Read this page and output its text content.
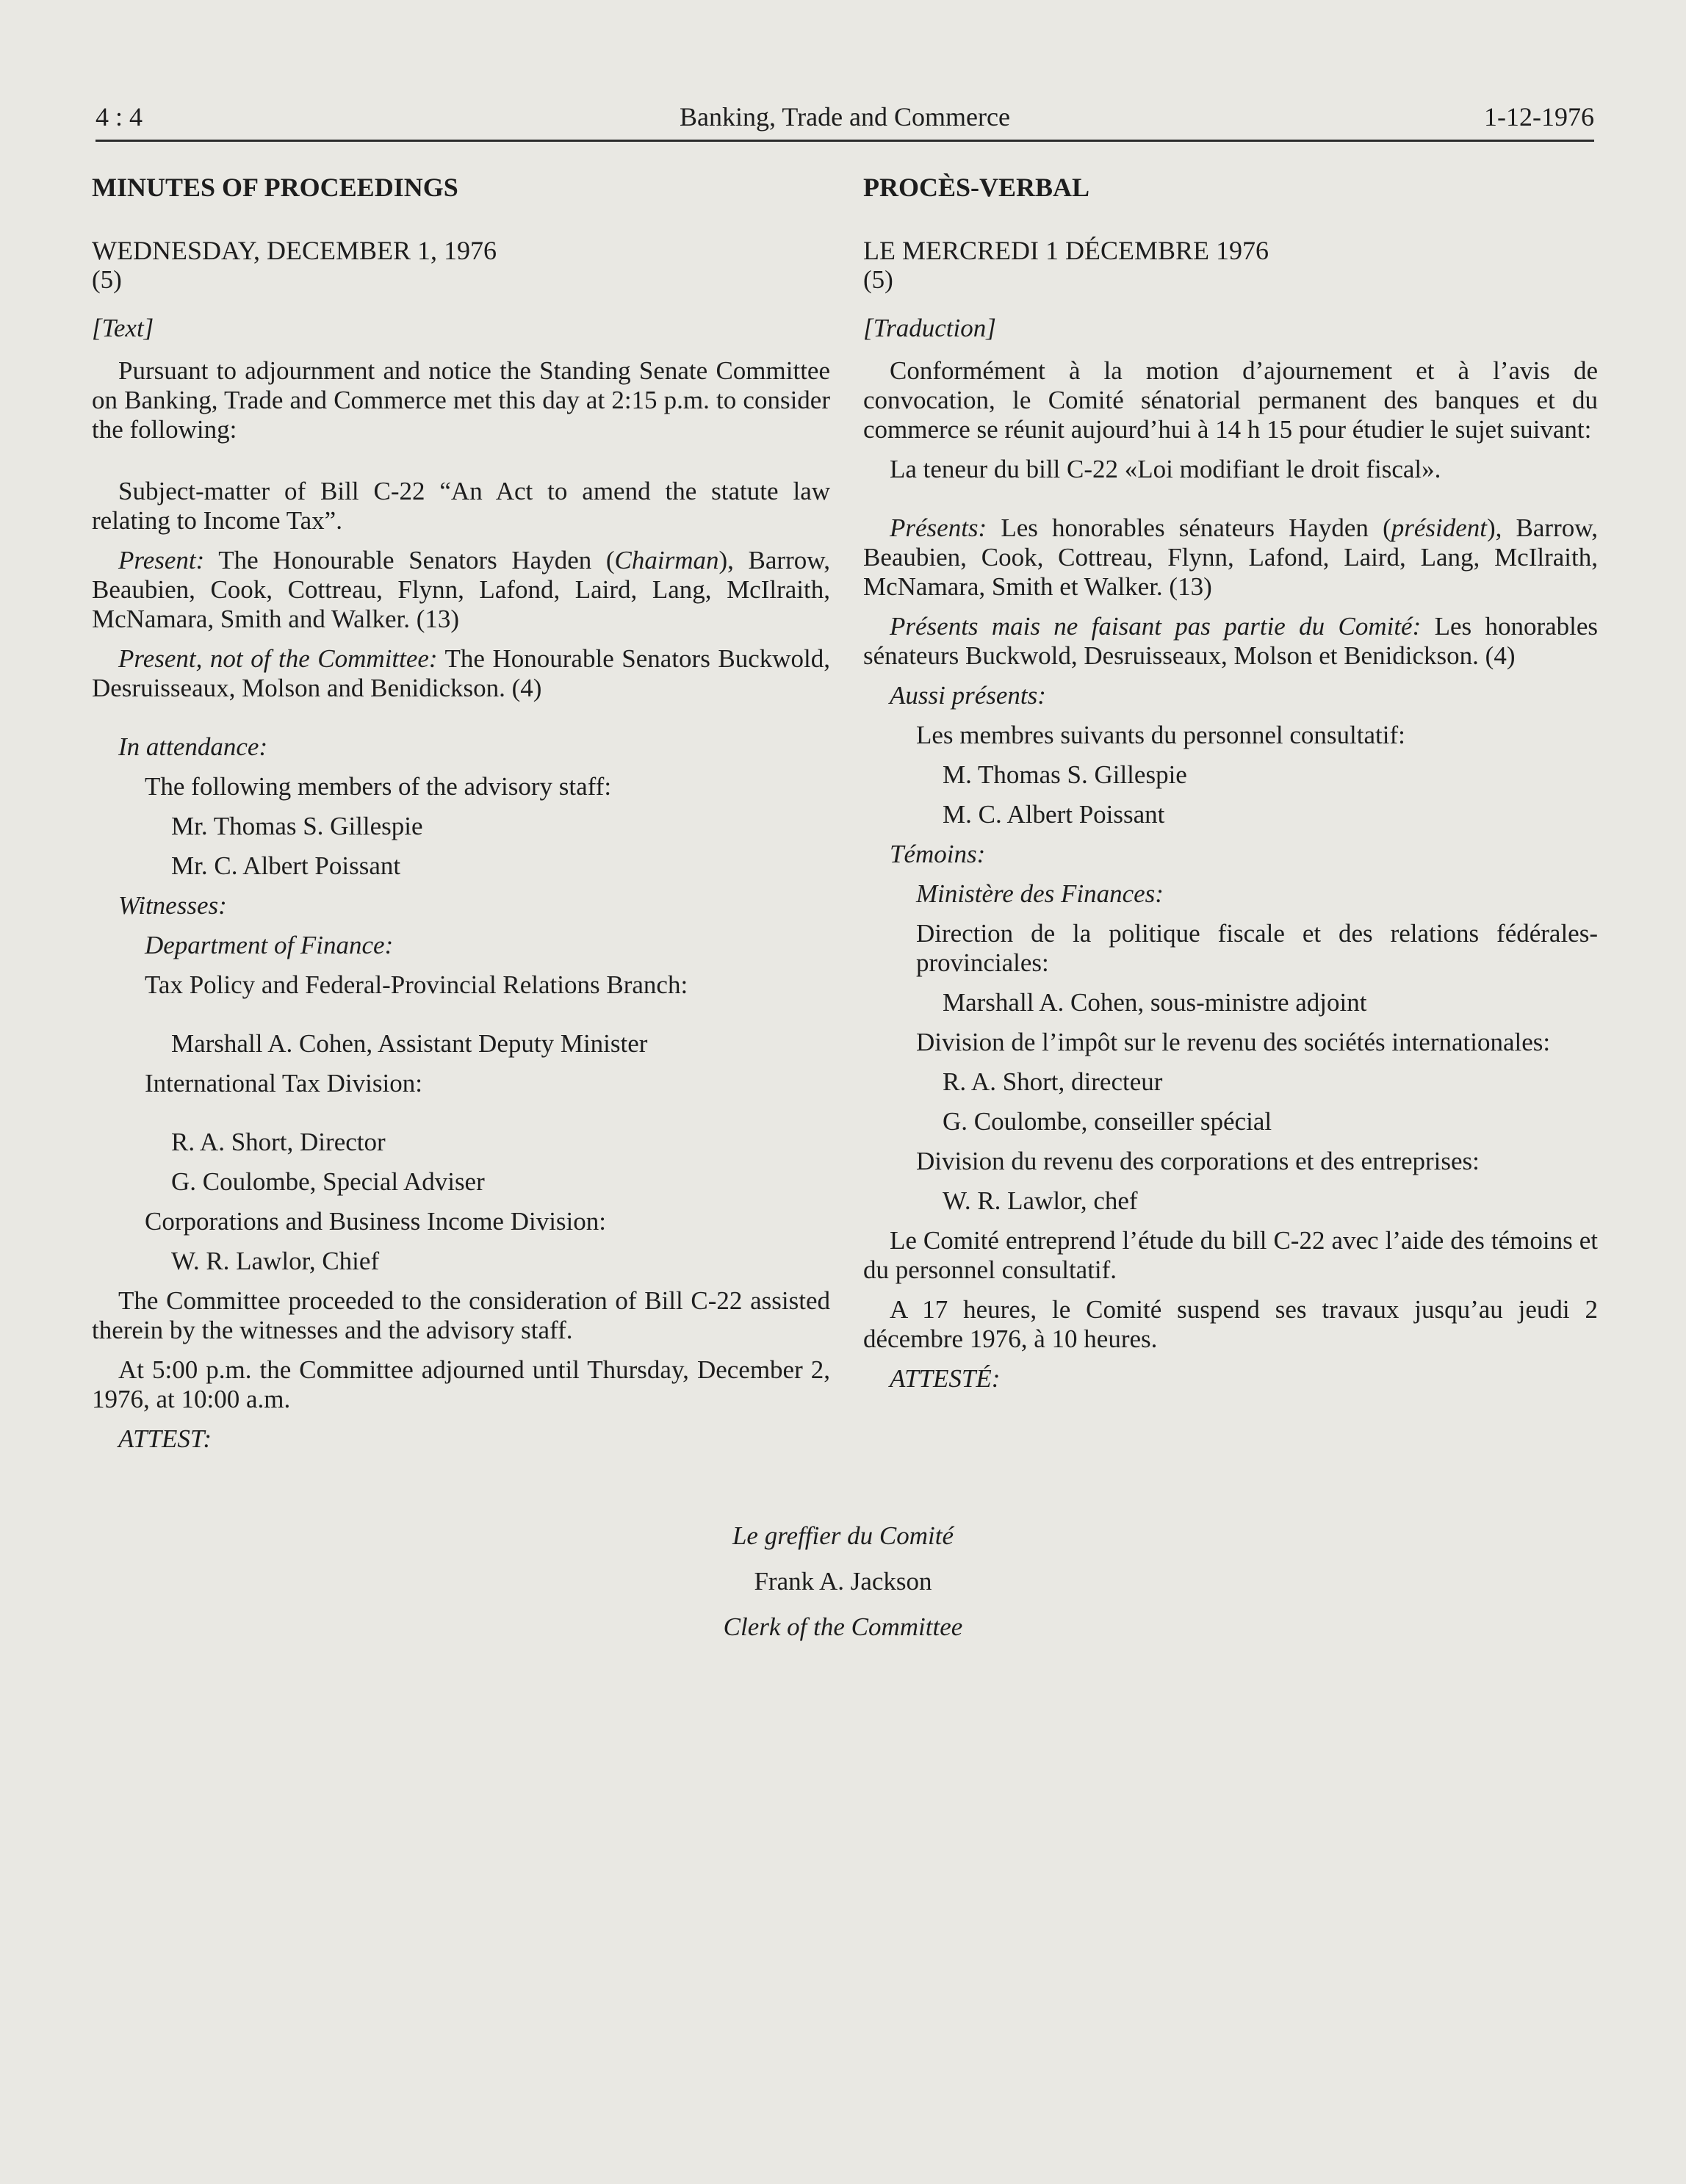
4 : 4	Banking, Trade and Commerce	1-12-1976

MINUTES OF PROCEEDINGS

WEDNESDAY, DECEMBER 1, 1976

(5)

[Text]

Pursuant to adjournment and notice the Standing Senate Committee on Banking, Trade and Commerce met this day at 2:15 p.m. to consider the following:

Subject-matter of Bill C-22 “An Act to amend the statute law relating to Income Tax”.

Present: The Honourable Senators Hayden (Chairman), Barrow, Beaubien, Cook, Cottreau, Flynn, Lafond, Laird, Lang, McIlraith, McNamara, Smith and Walker. (13)

Present, not of the Committee: The Honourable Senators Buckwold, Desruisseaux, Molson and Benidickson. (4)

In attendance:

The following members of the advisory staff:

Mr. Thomas S. Gillespie

Mr. C. Albert Poissant

Witnesses:

Department of Finance:

Tax Policy and Federal-Provincial Relations Branch:

Marshall A. Cohen, Assistant Deputy Minister

International Tax Division:

R. A. Short, Director

G. Coulombe, Special Adviser

Corporations and Business Income Division:

W. R. Lawlor, Chief

The Committee proceeded to the consideration of Bill C-22 assisted therein by the witnesses and the advisory staff.

At 5:00 p.m. the Committee adjourned until Thursday, December 2, 1976, at 10:00 a.m.

ATTEST:

PROCÈS-VERBAL

LE MERCREDI 1 DÉCEMBRE 1976

(5)

[Traduction]

Conformément à la motion d’ajournement et à l’avis de convocation, le Comité sénatorial permanent des banques et du commerce se réunit aujourd’hui à 14 h 15 pour étudier le sujet suivant:

La teneur du bill C-22 «Loi modifiant le droit fiscal».

Présents: Les honorables sénateurs Hayden (président), Barrow, Beaubien, Cook, Cottreau, Flynn, Lafond, Laird, Lang, McIlraith, McNamara, Smith et Walker. (13)

Présents mais ne faisant pas partie du Comité: Les honorables sénateurs Buckwold, Desruisseaux, Molson et Benidickson. (4)

Aussi présents:

Les membres suivants du personnel consultatif:

M. Thomas S. Gillespie

M. C. Albert Poissant

Témoins:

Ministère des Finances:

Direction de la politique fiscale et des relations fédérales-provinciales:

Marshall A. Cohen, sous-ministre adjoint

Division de l’impôt sur le revenu des sociétés internationales:

R. A. Short, directeur

G. Coulombe, conseiller spécial

Division du revenu des corporations et des entreprises:

W. R. Lawlor, chef

Le Comité entreprend l’étude du bill C-22 avec l’aide des témoins et du personnel consultatif.

A 17 heures, le Comité suspend ses travaux jusqu’au jeudi 2 décembre 1976, à 10 heures.

ATTESTÉ:

Le greffier du Comité
Frank A. Jackson
Clerk of the Committee
